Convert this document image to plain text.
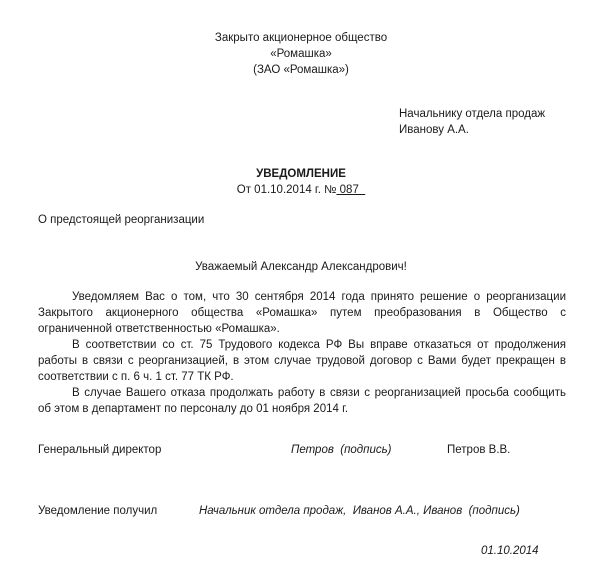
Закрыто акционерное общество
«Ромашка»
(ЗАО «Ромашка»)
Начальнику отдела продаж
Иванову А.А.
УВЕДОМЛЕНИЕ
От 01.10.2014 г. № 087
О предстоящей реорганизации
Уважаемый Александр Александрович!

Уведомляем Вас о том, что 30 сентября 2014 года принято решение о реорганизации Закрытого акционерного общества «Ромашка» путем преобразования в Общество с ограниченной ответственностью «Ромашка».

В соответствии со ст. 75 Трудового кодекса РФ Вы вправе отказаться от продолжения работы в связи с реорганизацией, в этом случае трудовой договор с Вами будет прекращен в соответствии с п. 6 ч. 1 ст. 77 ТК РФ.

В случае Вашего отказа продолжать работу в связи с реорганизацией просьба сообщить об этом в департамент по персоналу до 01 ноября 2014 г.

Генеральный директор	Петров  (подпись)	Петров В.В.
Уведомление получил	Начальник отдела продаж,  Иванов А.А., Иванов  (подпись)
01.10.2014
